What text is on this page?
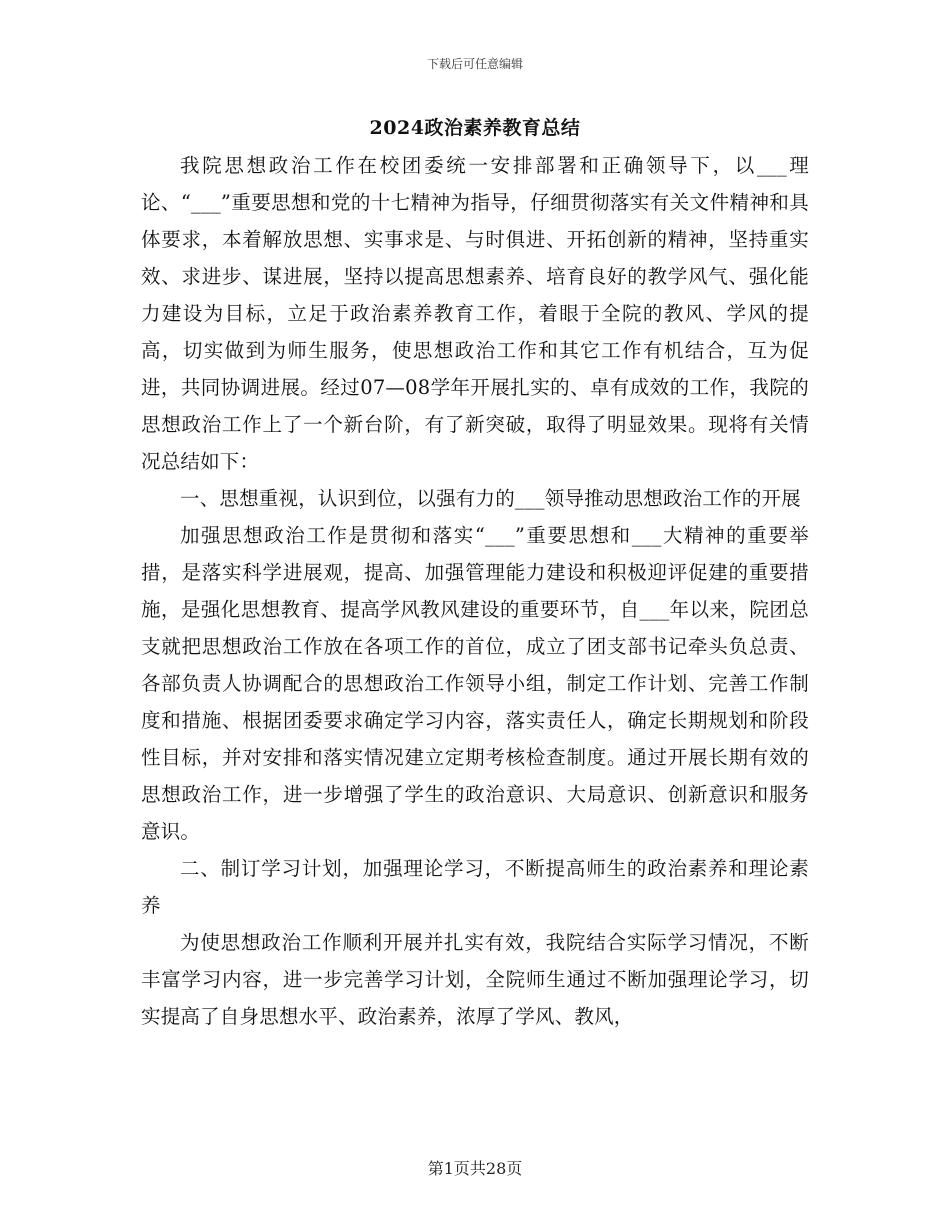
下载后可任意编辑
2024政治素养教育总结

我院思想政治工作在校团委统一安排部署和正确领导下，以___理论、“___”重要思想和党的十七精神为指导，仔细贯彻落实有关文件精神和具体要求，本着解放思想、实事求是、与时俱进、开拓创新的精神，坚持重实效、求进步、谋进展，坚持以提高思想素养、培育良好的教学风气、强化能力建设为目标，立足于政治素养教育工作，着眼于全院的教风、学风的提高，切实做到为师生服务，使思想政治工作和其它工作有机结合，互为促进，共同协调进展。经过07—08学年开展扎实的、卓有成效的工作，我院的思想政治工作上了一个新台阶，有了新突破，取得了明显效果。现将有关情况总结如下：

一、思想重视，认识到位，以强有力的___领导推动思想政治工作的开展

加强思想政治工作是贯彻和落实“___”重要思想和___大精神的重要举措，是落实科学进展观，提高、加强管理能力建设和积极迎评促建的重要措施，是强化思想教育、提高学风教风建设的重要环节，自___年以来，院团总支就把思想政治工作放在各项工作的首位，成立了团支部书记牵头负总责、各部负责人协调配合的思想政治工作领导小组，制定工作计划、完善工作制度和措施、根据团委要求确定学习内容，落实责任人，确定长期规划和阶段性目标，并对安排和落实情况建立定期考核检查制度。通过开展长期有效的思想政治工作，进一步增强了学生的政治意识、大局意识、创新意识和服务意识。

二、制订学习计划，加强理论学习，不断提高师生的政治素养和理论素养

为使思想政治工作顺利开展并扎实有效，我院结合实际学习情况，不断丰富学习内容，进一步完善学习计划，全院师生通过不断加强理论学习，切实提高了自身思想水平、政治素养，浓厚了学风、教风，

第1页共28页
